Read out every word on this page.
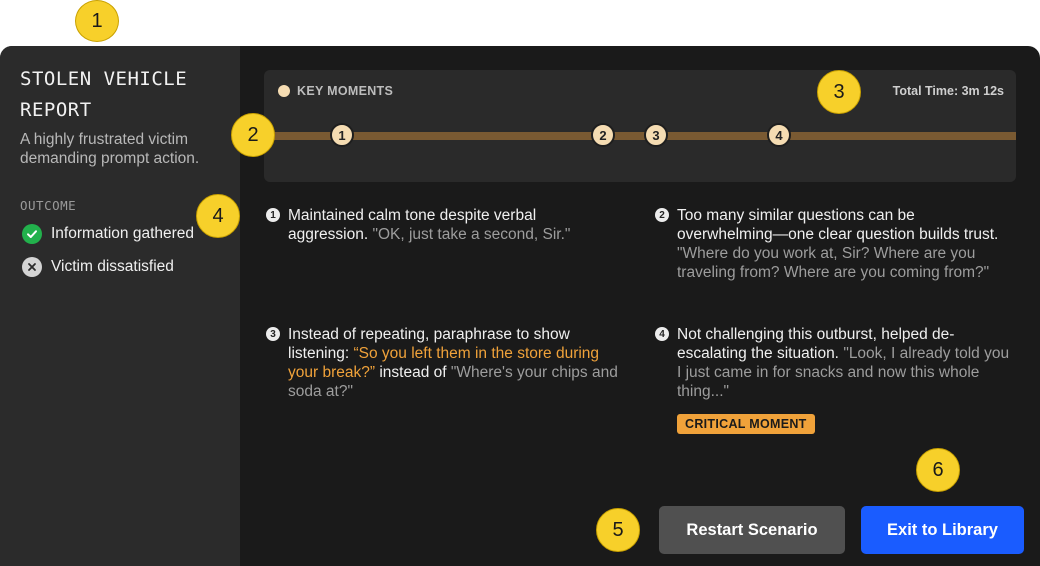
STOLEN VEHICLE REPORT
A highly frustrated victim demanding prompt action.
OUTCOME
Information gathered
Victim dissatisfied
KEY MOMENTS	Total Time: 3m 12s
1	2	3	4
1 Maintained calm tone despite verbal aggression. "OK, just take a second, Sir."
2 Too many similar questions can be overwhelming—one clear question builds trust. "Where do you work at, Sir? Where are you traveling from? Where are you coming from?"
3 Instead of repeating, paraphrase to show listening: “So you left them in the store during your break?” instead of "Where's your chips and soda at?"
4 Not challenging this outburst, helped de-escalating the situation. "Look, I already told you I just came in for snacks and now this whole thing..."
CRITICAL MOMENT
Restart Scenario	Exit to Library
1
2
3
4
5
6
